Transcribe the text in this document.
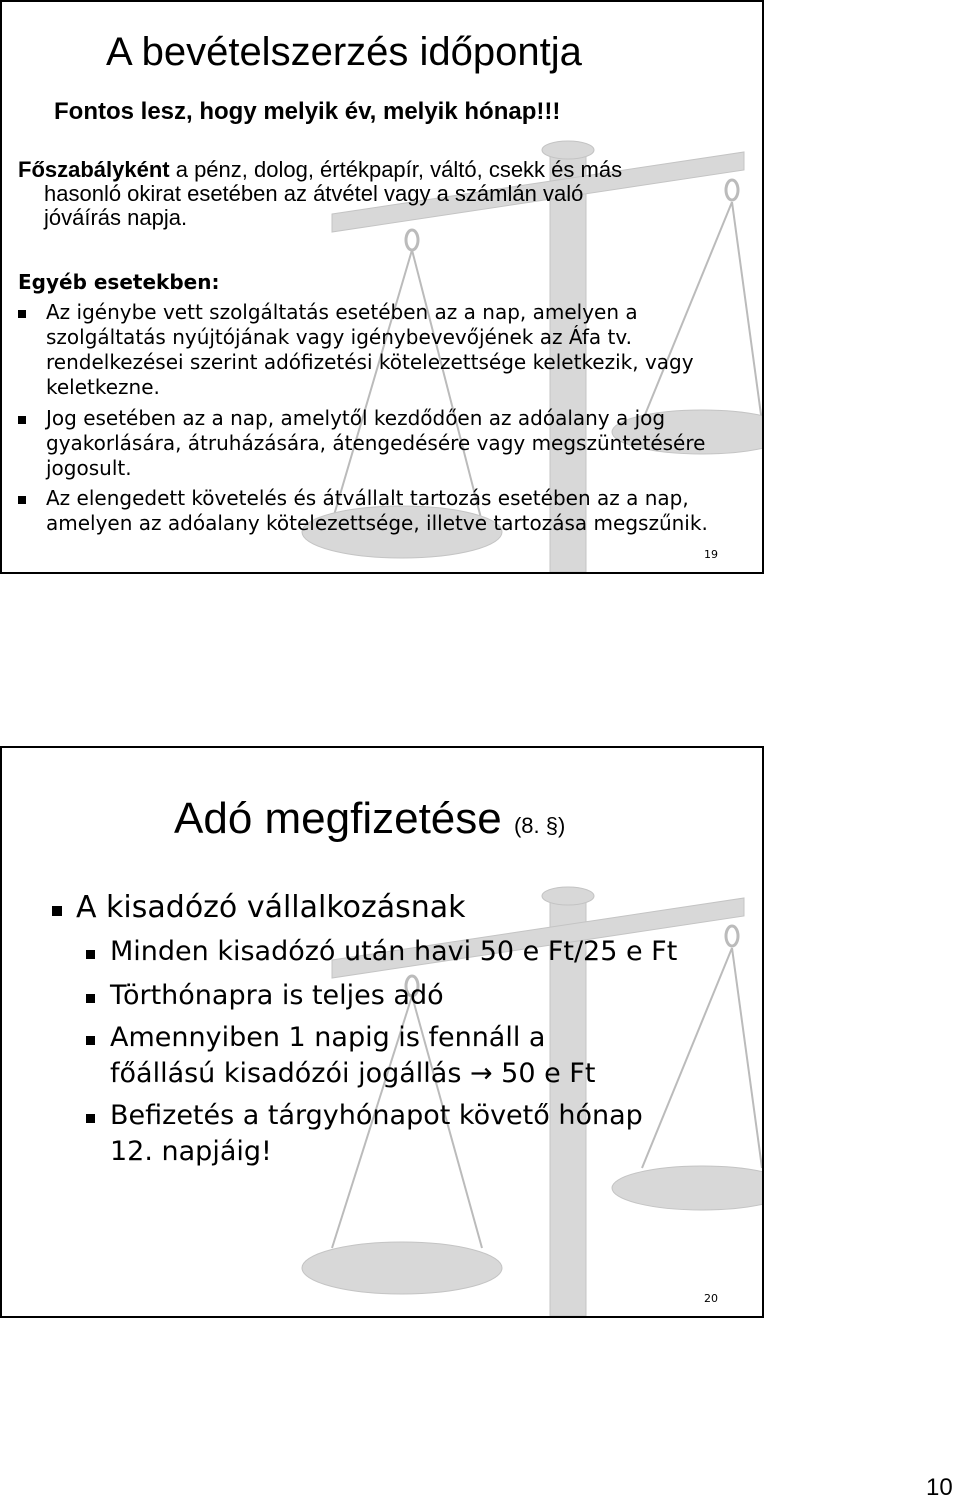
A bevételszerzés időpontja
Fontos lesz, hogy melyik év, melyik hónap!!!
Főszabályként a pénz, dolog, értékpapír, váltó, csekk és más
hasonló okirat esetében az átvétel vagy a számlán való
jóváírás napja.
Egyéb esetekben:
Az igénybe vett szolgáltatás esetében az a nap, amelyen a szolgáltatás nyújtójának vagy igénybevevőjének az Áfa tv. rendelkezései szerint adófizetési kötelezettsége keletkezik, vagy keletkezne.
Jog esetében az a nap, amelytől kezdődően az adóalany a jog gyakorlására, átruházására, átengedésére vagy megszüntetésére jogosult.
Az elengedett követelés és átvállalt tartozás esetében az a nap, amelyen az adóalany kötelezettsége, illetve tartozása megszűnik.
19
Adó megfizetése (8. §)
A kisadózó vállalkozásnak
Minden kisadózó után havi 50 e Ft/25 e Ft
Törthónapra is teljes adó
Amennyiben 1 napig is fennáll a főállású kisadózói jogállás → 50 e Ft
Befizetés a tárgyhónapot követő hónap 12. napjáig!
20
10
